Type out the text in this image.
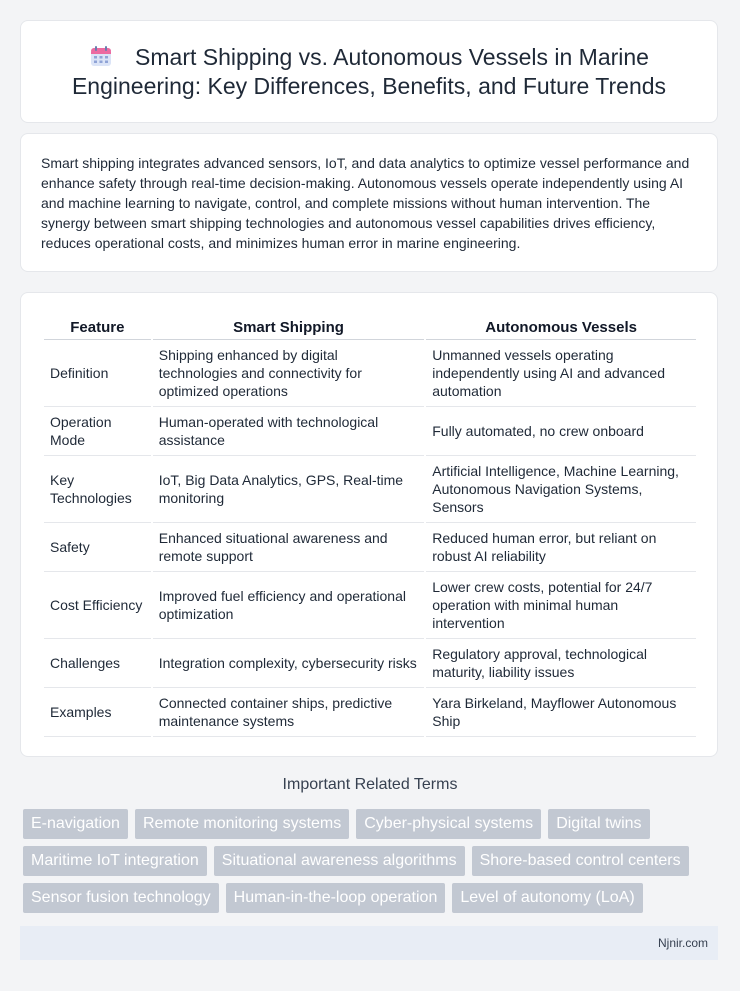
Smart Shipping vs. Autonomous Vessels in Marine Engineering: Key Differences, Benefits, and Future Trends

Smart shipping integrates advanced sensors, IoT, and data analytics to optimize vessel performance and enhance safety through real-time decision-making. Autonomous vessels operate independently using AI and machine learning to navigate, control, and complete missions without human intervention. The synergy between smart shipping technologies and autonomous vessel capabilities drives efficiency, reduces operational costs, and minimizes human error in marine engineering.

Feature	Smart Shipping	Autonomous Vessels
Definition	Shipping enhanced by digital technologies and connectivity for optimized operations	Unmanned vessels operating independently using AI and advanced automation
Operation Mode	Human-operated with technological assistance	Fully automated, no crew onboard
Key Technologies	IoT, Big Data Analytics, GPS, Real-time monitoring	Artificial Intelligence, Machine Learning, Autonomous Navigation Systems, Sensors
Safety	Enhanced situational awareness and remote support	Reduced human error, but reliant on robust AI reliability
Cost Efficiency	Improved fuel efficiency and operational optimization	Lower crew costs, potential for 24/7 operation with minimal human intervention
Challenges	Integration complexity, cybersecurity risks	Regulatory approval, technological maturity, liability issues
Examples	Connected container ships, predictive maintenance systems	Yara Birkeland, Mayflower Autonomous Ship
Important Related Terms
E-navigation	Remote monitoring systems	Cyber-physical systems	Digital twins
Maritime IoT integration	Situational awareness algorithms	Shore-based control centers
Sensor fusion technology	Human-in-the-loop operation	Level of autonomy (LoA)
Njnir.com
